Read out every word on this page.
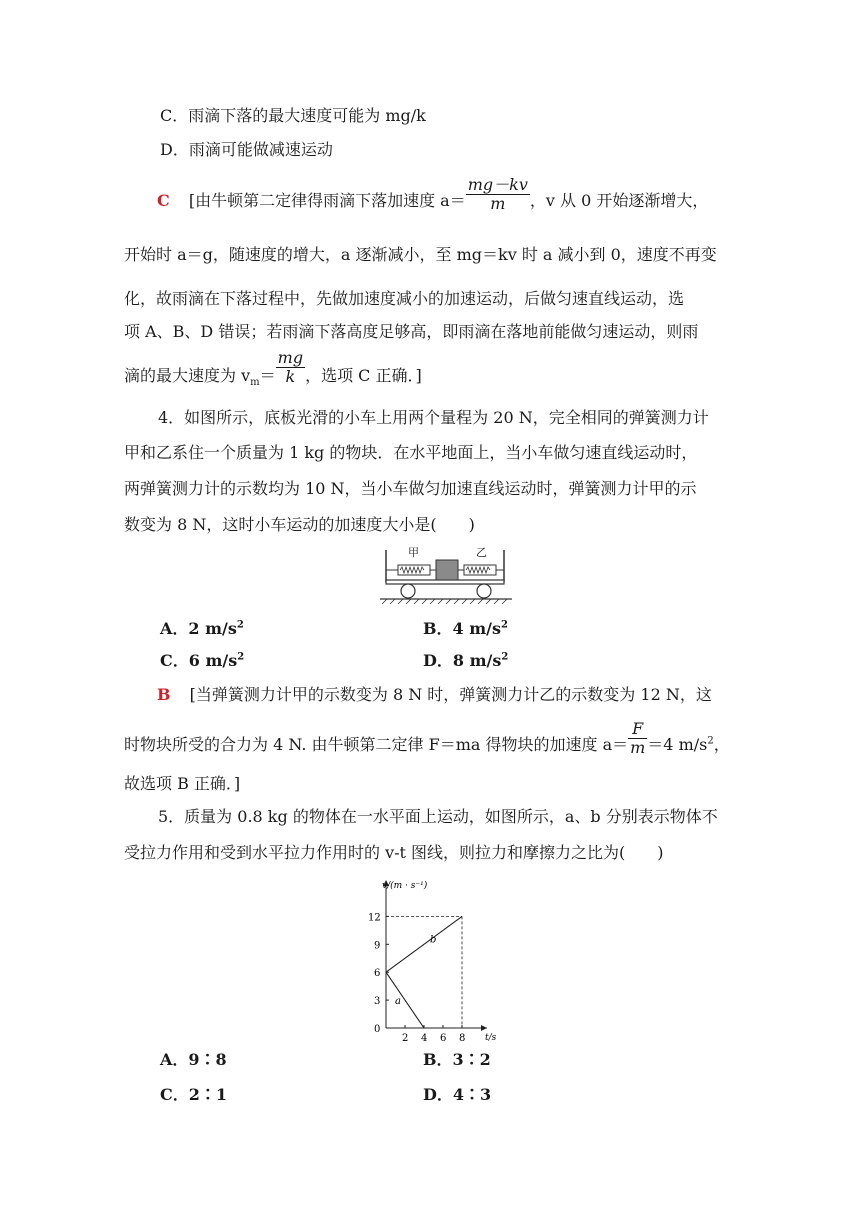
C．雨滴下落的最大速度可能为 mg/k
D．雨滴可能做减速运动
C [由牛顿第二定律得雨滴下落加速度 $a= \frac{mg-kv}{m}$ ，v 从 0 开始逐渐增大，
开始时 a＝g，随速度的增大，a 逐渐减小，至 mg＝kv 时 a 减小到 0，速度不再变
化，故雨滴在下落过程中，先做加速度减小的加速运动，后做匀速直线运动，选
项 A、B、D 错误；若雨滴下落高度足够高，即雨滴在落地前能做匀速运动，则雨
滴的最大速度为 $v_m= \frac{mg}{k}$ ，选项 C 正确．]
4．如图所示，底板光滑的小车上用两个量程为 20 N，完全相同的弹簧测力计
甲和乙系住一个质量为 1 kg 的物块．在水平地面上，当小车做匀速直线运动时，
两弹簧测力计的示数均为 10 N，当小车做匀加速直线运动时，弹簧测力计甲的示
数变为 8 N，这时小车运动的加速度大小是(　　)
甲	乙
A．2 $m/s^2$	B．4 $m/s^2$
C．6 $m/s^2$	D．8 $m/s^2$
B [当弹簧测力计甲的示数变为 8 N 时，弹簧测力计乙的示数变为 12 N，这
时物块所受的合力为 4 N. 由牛顿第二定律 F＝ma 得物块的加速度 $a= \frac{F}{m} =4$ $m/s^2$，
故选项 B 正确．]
5．质量为 0.8 kg 的物体在一水平面上运动，如图所示，a、b 分别表示物体不
受拉力作用和受到水平拉力作用时的 v-t 图线，则拉力和摩擦力之比为(　　)
v/(m · s⁻¹)
t/s
0
2 4 6 8
3
6
9
12
a
b
A．9∶8	B．3∶2
C．2∶1	D．4∶3
